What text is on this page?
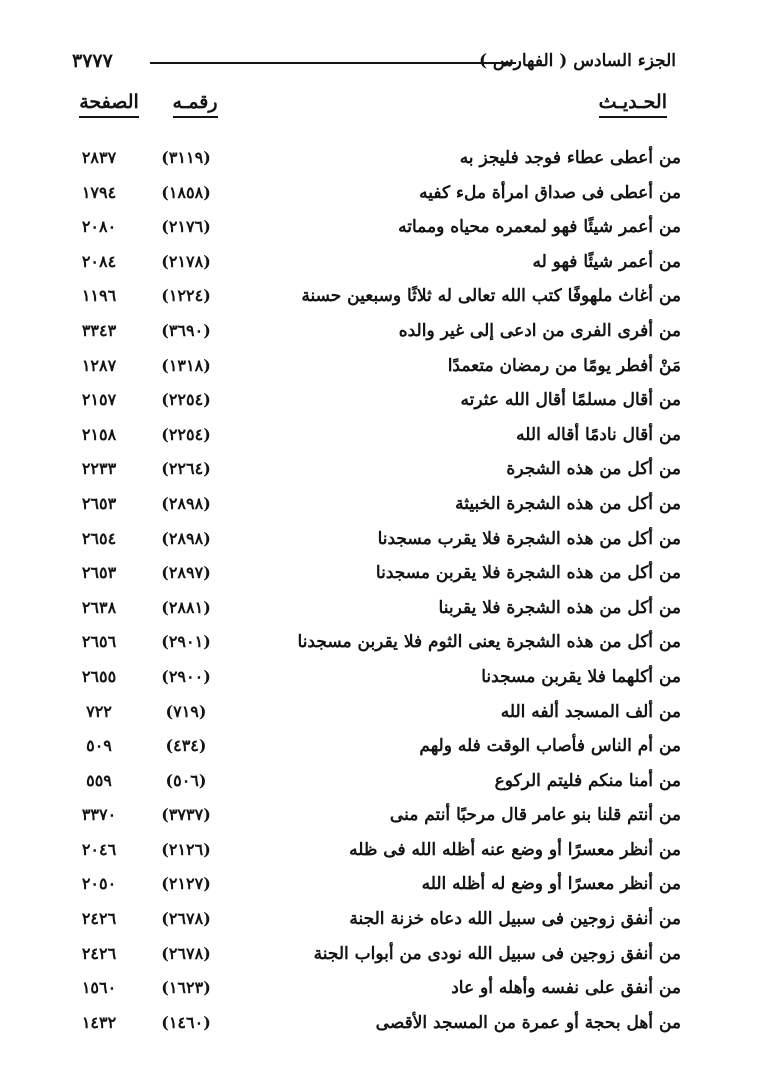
الجزء السادس ( الفهارس )
٣٧٧٧
الحـديـث
رقمـه
الصفحة
من أعطى عطاء فوجد فليجز به
(٣١١٩)
٢٨٣٧
من أعطى فى صداق امرأة ملء كفيه
(١٨٥٨)
١٧٩٤
من أعمر شيئًا فهو لمعمره محياه ومماته
(٢١٧٦)
٢٠٨٠
من أعمر شيئًا فهو له
(٢١٧٨)
٢٠٨٤
من أغاث ملهوفًا كتب الله تعالى له ثلاثًا وسبعين حسنة
(١٢٢٤)
١١٩٦
من أفرى الفرى من ادعى إلى غير والده
(٣٦٩٠)
٣٣٤٣
مَنْ أفطر يومًا من رمضان متعمدًا
(١٣١٨)
١٢٨٧
من أقال مسلمًا أقال الله عثرته
(٢٢٥٤)
٢١٥٧
من أقال نادمًا أقاله الله
(٢٢٥٤)
٢١٥٨
من أكل من هذه الشجرة
(٢٢٦٤)
٢٢٣٣
من أكل من هذه الشجرة الخبيثة
(٢٨٩٨)
٢٦٥٣
من أكل من هذه الشجرة فلا يقرب مسجدنا
(٢٨٩٨)
٢٦٥٤
من أكل من هذه الشجرة فلا يقربن مسجدنا
(٢٨٩٧)
٢٦٥٣
من أكل من هذه الشجرة فلا يقربنا
(٢٨٨١)
٢٦٣٨
من أكل من هذه الشجرة يعنى الثوم فلا يقربن مسجدنا
(٢٩٠١)
٢٦٥٦
من أكلهما فلا يقربن مسجدنا
(٢٩٠٠)
٢٦٥٥
من ألف المسجد ألفه الله
(٧١٩)
٧٢٢
من أم الناس فأصاب الوقت فله ولهم
(٤٣٤)
٥٠٩
من أمنا منكم فليتم الركوع
(٥٠٦)
٥٥٩
من أنتم قلنا بنو عامر قال مرحبًا أنتم منى
(٣٧٣٧)
٣٣٧٠
من أنظر معسرًا أو وضع عنه أظله الله فى ظله
(٢١٢٦)
٢٠٤٦
من أنظر معسرًا أو وضع له أظله الله
(٢١٢٧)
٢٠٥٠
من أنفق زوجين فى سبيل الله دعاه خزنة الجنة
(٢٦٧٨)
٢٤٢٦
من أنفق زوجين فى سبيل الله نودى من أبواب الجنة
(٢٦٧٨)
٢٤٢٦
من أنفق على نفسه وأهله أو عاد
(١٦٢٣)
١٥٦٠
من أهل بحجة أو عمرة من المسجد الأقصى
(١٤٦٠)
١٤٣٢
